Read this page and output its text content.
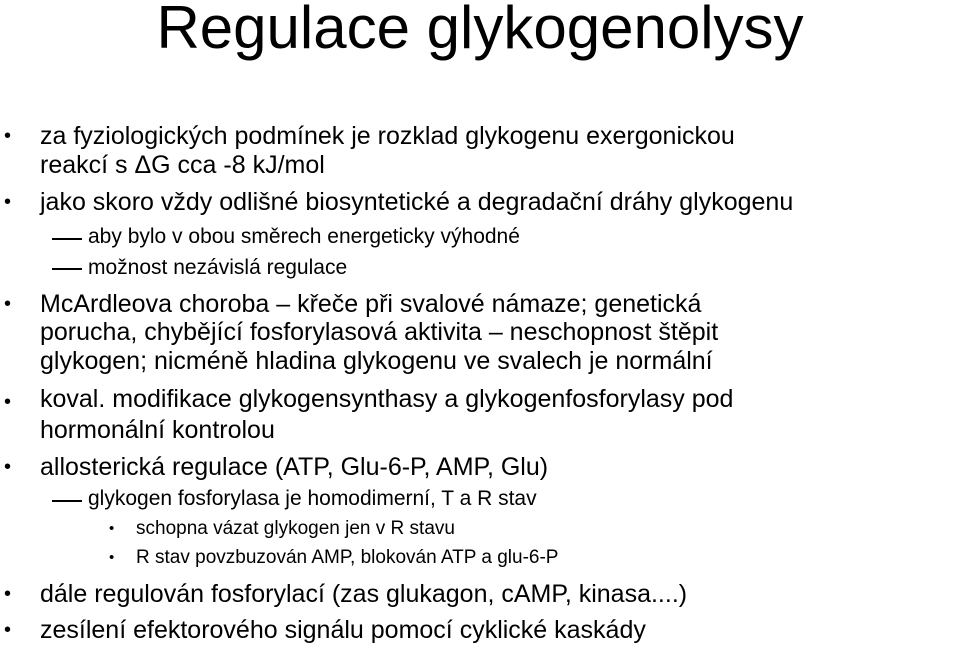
Regulace glykogenolysy
• za fyziologických podmínek je rozklad glykogenu exergonickou
reakcí s ΔG cca -8 kJ/mol
• jako skoro vždy odlišné biosyntetické a degradační dráhy glykogenu
aby bylo v obou směrech energeticky výhodné
možnost nezávislá regulace
• McArdleova choroba – křeče při svalové námaze; genetická
porucha, chybějící fosforylasová aktivita – neschopnost štěpit
glykogen; nicméně hladina glykogenu ve svalech je normální
• koval. modifikace glykogensynthasy a glykogenfosforylasy pod
hormonální kontrolou
• allosterická regulace (ATP, Glu-6-P, AMP, Glu)
glykogen fosforylasa je homodimerní, T a R stav
• schopna vázat glykogen jen v R stavu
• R stav povzbuzován AMP, blokován ATP a glu-6-P
• dále regulován fosforylací (zas glukagon, cAMP, kinasa....)
• zesílení efektorového signálu pomocí cyklické kaskády
